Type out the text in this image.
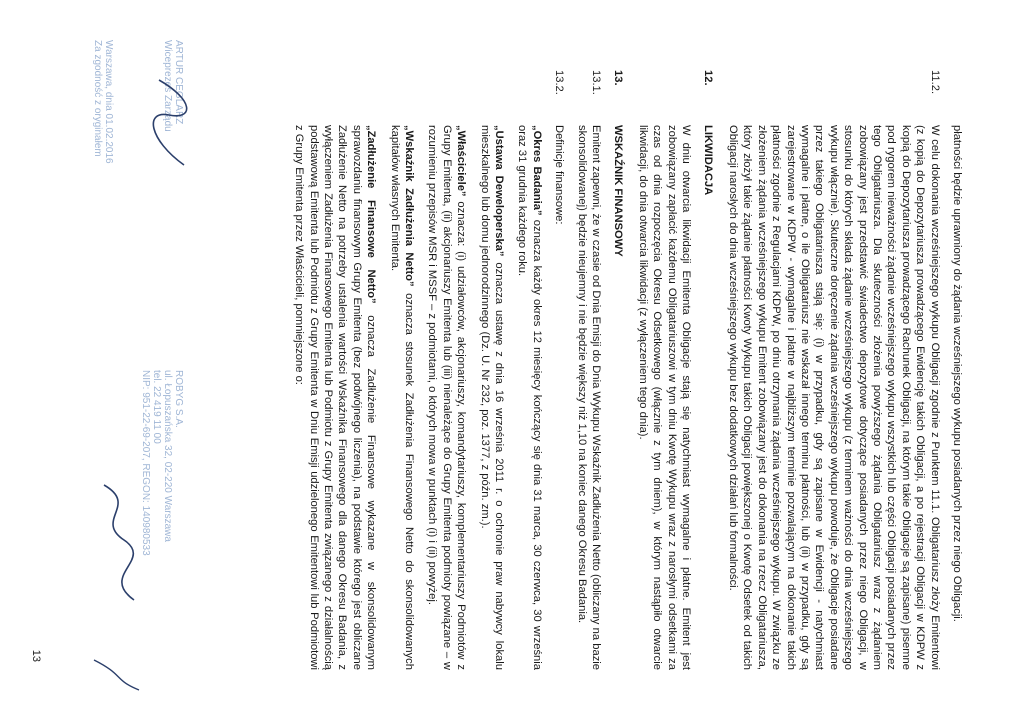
płatności będzie uprawniony do żądania wcześniejszego wykupu posiadanych przez niego Obligacji.
11.2.
W celu dokonania wcześniejszego wykupu Obligacji zgodnie z Punktem 11.1. Obligatariusz złoży Emitentowi (z kopią do Depozytariusza prowadzącego Ewidencję takich Obligacji, a po rejestracji Obligacji w KDPW z kopią do Depozytariusza prowadzącego Rachunek Obligacji, na którym takie Obligacje są zapisane) pisemne pod rygorem nieważności żądanie wcześniejszego wykupu wszystkich lub części Obligacji posiadanych przez tego Obligatariusza. Dla skuteczności złożenia powyższego żądania Obligatariusz wraz z żądaniem zobowiązany jest przedstawić świadectwo depozytowe dotyczące posiadanych przez niego Obligacji, w stosunku do których składa żądanie wcześniejszego wykupu (z terminem ważności do dnia wcześniejszego wykupu włącznie). Skuteczne doręczenie żądania wcześniejszego wykupu powoduje, że Obligacje posiadane przez takiego Obligatariusza stają się: (i) w przypadku, gdy są zapisane w Ewidencji - natychmiast wymagalne i płatne, o ile Obligatariusz nie wskazał innego terminu płatności, lub (ii) w przypadku, gdy są zarejestrowane w KDPW - wymagalne i płatne w najbliższym terminie pozwalającym na dokonanie takich płatności zgodnie z Regulacjami KDPW, po dniu otrzymania żądania wcześniejszego wykupu. W związku ze złożeniem żądania wcześniejszego wykupu Emitent zobowiązany jest do dokonania na rzecz Obligatariusza, który złożył takie żądanie płatności Kwoty Wykupu takich Obligacji powiększonej o Kwotę Odsetek od takich Obligacji narosłych do dnia wcześniejszego wykupu bez dodatkowych działań lub formalności.
12.
LIKWIDACJA
W dniu otwarcia likwidacji Emitenta Obligacje stają się natychmiast wymagalne i płatne. Emitent jest zobowiązany zapłacić każdemu Obligatariuszowi w tym dniu Kwotę Wykupu wraz z narosłymi odsetkami za czas od dnia rozpoczęcia Okresu Odsetkowego (włącznie z tym dniem), w którym nastąpiło otwarcie likwidacji, do dnia otwarcia likwidacji (z wyłączeniem tego dnia).
13.
WSKAŹNIK FINANSOWY
13.1.
Emitent zapewni, że w czasie od Dnia Emisji do Dnia Wykupu Wskaźnik Zadłużenia Netto (obliczany na bazie skonsolidowanej) będzie nieujemny i nie będzie większy niż 1,10 na koniec danego Okresu Badania.
13.2.
Definicje finansowe:
„Okres Badania” oznacza każdy okres 12 miesięcy kończący się dnia 31 marca, 30 czerwca, 30 września oraz 31 grudnia każdego roku.
„Ustawa Deweloperska” oznacza ustawę z dnia 16 września 2011 r. o ochronie praw nabywcy lokalu mieszkalnego lub domu jednorodzinnego (Dz. U. Nr 232, poz. 1377, z późn. zm.).
„Właściciele” oznacza: (i) udziałowców, akcjonariuszy, komandytariuszy, komplementariuszy Podmiotów z Grupy Emitenta, (ii) akcjonariuszy Emitenta lub (iii) nienależące do Grupy Emitenta podmioty powiązane – w rozumieniu przepisów MSR i MSSF – z podmiotami, o których mowa w punktach (i) i (ii) powyżej.
„Wskaźnik Zadłużenia Netto” oznacza stosunek Zadłużenia Finansowego Netto do skonsolidowanych kapitałów własnych Emitenta.
„Zadłużenie Finansowe Netto” oznacza Zadłużenie Finansowe wykazane w skonsolidowanym sprawozdaniu finansowym Grupy Emitenta (bez podwójnego liczenia), na podstawie którego jest obliczane Zadłużenie Netto na potrzeby ustalenia wartości Wskaźnika Finansowego dla danego Okresu Badania, z wyłączeniem Zadłużenia Finansowego Emitenta lub Podmiotu z Grupy Emitenta związanego z działalnością podstawową Emitenta lub Podmiotu z Grupy Emitenta w Dniu Emisji udzielonego Emitentowi lub Podmiotowi z Grupy Emitenta przez Właścicieli, pomniejszone o:
ARTUR CEGLARZ
Wiceprezes Zarządu
Warszawa, dnia 01.02.2016
Za zgodność z oryginałem
ROBYG S.A.
ul. Łopuszańska 32, 02-220 Warszawa
tel. 22 419 11 00
NIP: 951-22-69-207, REGON: 140980533
13
